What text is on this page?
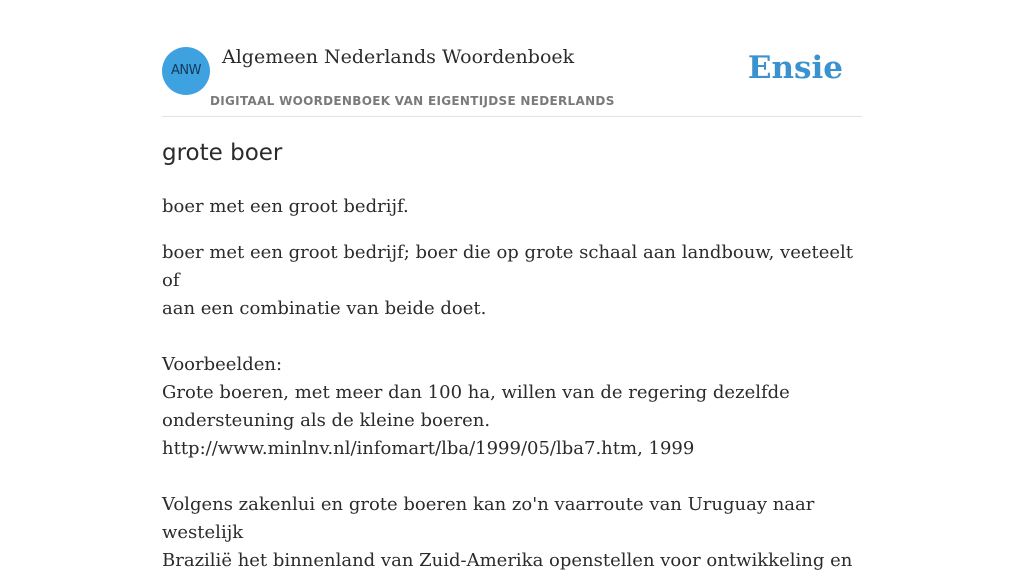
ANW
Algemeen Nederlands Woordenboek
DIGITAAL WOORDENBOEK VAN EIGENTIJDSE NEDERLANDS
Ensie
grote boer

boer met een groot bedrijf.

boer met een groot bedrijf; boer die op grote schaal aan landbouw, veeteelt of

aan een combinatie van beide doet.

Voorbeelden:

Grote boeren, met meer dan 100 ha, willen van de regering dezelfde

ondersteuning als de kleine boeren.

http://www.minlnv.nl/infomart/lba/1999/05/lba7.htm, 1999

Volgens zakenlui en grote boeren kan zo'n vaarroute van Uruguay naar westelijk

Brazilië het binnenland van Zuid-Amerika openstellen voor ontwikkeling en
